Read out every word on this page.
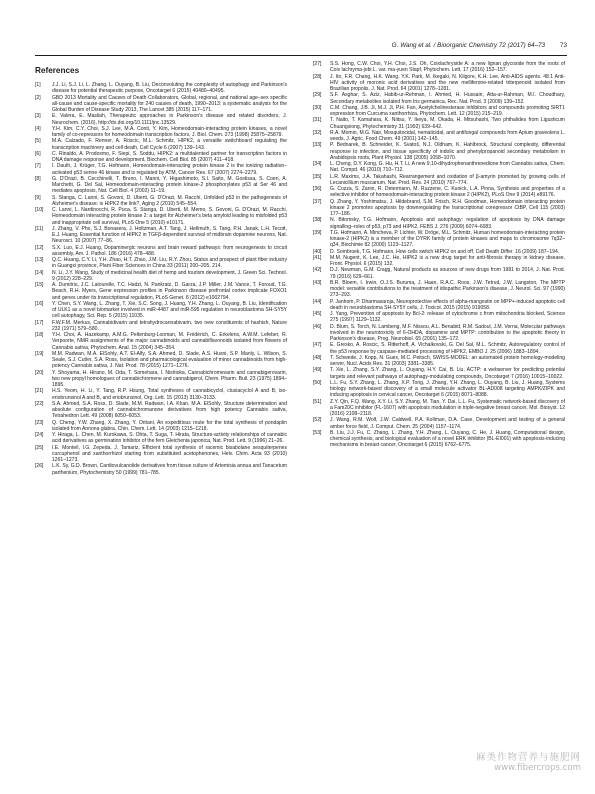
G. Wang et al. / Bioorganic Chemistry 72 (2017) 64–73 73
References
[1] J.J. Li, S.J. Li, L. Zhang, L. Ouyang, B. Liu, Deconvoluting the complexity of autophagy and Parkinson's disease for potential therapeutic purpose, Oncotarget 6 (2015) 40480–40495.
[2] GBD 2013 Mortality and Causes of Death Collaborators, Global, regional, and national age–sex specific all-cause and cause-specific mortality for 240 causes of death, 1990–2013: a systematic analysis for the Global Burden of Disease Study 2013, The Lancet 385 (2015) 117–171.
[3] E. Valera, E. Masliah, Therapeutic approaches in Parkinson's disease and related disorders, J. Neurochem. (2016), http://dx.doi.org/10.1111/jnc.13529.
[4] Y.H. Kim, C.Y. Choi, S.J. Lee, M.A. Conti, Y. Kim, Homeodomain-interacting protein kinases, a novel family of co-repressors for homeodomain transcription factors, J. Biol. Chem. 273 (1998) 25875–25879.
[5] M.A. Calzado, F. Renner, A. Roscic, M.L. Schmitz, HIPK2, a versatile switchboard regulating the transcription machinery and cell death, Cell Cycle 6 (2007) 139–143.
[6] C. Rinaldo, A. Prodosmo, F. Siepi, S. Soddu, HIPK2: a multitalented partner for transcription factors in DNA damage response and development, Biochem. Cell Biol. 85 (2007) 411–418.
[7] I. Dauth, J. Krüger, T.G. Hofmann, Homeodomain-interacting protein kinase 2 is the ionizing radiation–activated p53 serine 46 kinase and is regulated by ATM, Cancer Res. 67 (2007) 2274–2279.
[8] G. D'Orazi, B. Cecchinelli, T. Bruno, I. Manni, Y. Higashimoto, S.I. Saito, M. Gostissa, S. Coen, A. Marchetti, G. Del Sal, Homeodomain-interacting protein kinase-2 phosphorylates p53 at Ser 46 and mediates apoptosis, Nat. Cell Biol. 4 (2002) 11–19.
[9] S. Stanga, C. Lanni, S. Govoni, D. Uberti, G. D'Orazi, M. Racchi, Unfolded p53 in the pathogenesis of Alzheimer's disease: is HIPK2 the link?, Aging 2 (2010) 545–554.
[10] C. Lanni, L. Nardinocchi, R. Puca, S. Stanga, D. Uberti, M. Memo, S. Govoni, G. D'Orazi, M. Racchi, Homeodomain interacting protein kinase 2: a target for Alzheimer's beta amyloid leading to misfolded p53 and inappropriate cell survival, PLoS One 5 (2010) e10171.
[11] J. Zhang, V. Pho, S.J. Bonasera, J. Holtzman, A.T. Tang, J. Hellmuth, S. Tang, P.H. Janak, L.H. Tecott, E.J. Huang, Essential function of HIPK2 in TGFβ-dependent survival of midbrain dopamine neurons, Nat. Neurosci. 10 (2007) 77–86.
[12] S.X. Luo, E.J. Huang, Dopaminergic neurons and brain reward pathways: from neurogenesis to circuit assembly, Am. J. Pathol. 186 (2016) 478–488.
[13] Q.C. Huang, C.Y. Li, Y.H. Zhao, H.T. Zhao, J.M. Liu, R.Y. Zhou, Status and prospect of plant fiber industry in Guangxi province, Plant Fiber Sciences in China 33 (2011) 200–205, 214.
[14] N. Li, J.Y. Wang, Study of medicinal health diet of hemp and tourism development, J. Green Sci. Technol. 9 (2012) 228–229.
[15] A. Dumitriu, J.C. Latourelle, T.C. Hadzi, N. Pankratz, D. Garza, J.P. Miller, J.M. Vance, T. Foroud, T.G. Beach, R.H. Myers, Gene expression profiles in Parkinson disease prefrontal cortex implicate FOXO1 and genes under its transcriptional regulation, PLoS Genet. 8 (2012) e1002794.
[16] Y. Chen, S.Y. Wang, L. Zhang, T. Xie, S.C. Song, J. Huang, Y.H. Zhang, L. Ouyang, B. Liu, Identification of ULK1 as a novel biomarker involved in miR-4487 and miR-595 regulation in neuroblastoma SH-SY5Y cell autophagy, Sci. Rep. 5 (2015) 11035.
[17] F.W.F.M. Merkus, Cannabidivarin and tetrahydrocannabivarin, two new constituents of hashish, Nature 232 (1971) 579–580.
[18] Y.H. Choi, A. Hazekamp, A.M.G. Peltenburg-Looman, M. Frédérich, C. Erkelens, A.W.M. Lefeber, R. Verpoorte, NMR assignments of the major cannabinoids and cannabiflavonoids isolated from flowers of Cannabis sativa, Phytochem. Anal. 15 (2004) 345–354.
[19] M.M. Radwan, M.A. ElSohly, A.T. El-Alfy, S.A. Ahmed, D. Slade, A.S. Husni, S.P. Manly, L. Wilson, S. Seale, S.J. Cutler, S.A. Ross, Isolation and pharmacological evaluation of minor cannabinoids from high-potency Cannabis sativa, J. Nat. Prod. 78 (2015) 1271–1276.
[20] Y. Shoyama, H. Hirano, M. Oda, T. Somehara, I. Nishioka, Cannabichromevarin and cannabigerovarin, two new propyl homologues of cannabichromene and cannabigerol, Chem. Pharm. Bull. 23 (1975) 1894–1895.
[21] H.S. Yeom, H. Li, Y. Tang, R.P. Hsung, Total syntheses of cannabicyclol, clusiacyclol A and B, iso-eriobrunsinol A and B, and eriobrunsinol, Org. Lett. 15 (2013) 3130–3133.
[22] S.A. Ahmed, S.A. Ross, D. Slade, M.M. Radwan, I.A. Khan, M.A. ElSohly, Structure determination and absolute configuration of cannabichromanone derivatives from high potency Cannabis sativa, Tetrahedron Lett. 49 (2008) 6050–6053.
[23] Q. Cheng, Y.W. Zhang, X. Zhang, Y. Oritani, An expeditious route for the total synthesis of pondaplin isolated from Annona glabra, Chin. Chem. Lett. 14 (2003) 1215–1218.
[24] Y. Hiraga, L. Chen, M. Kurokawa, S. Ohta, T. Suga, T. Hirata, Structure-activity relationships of cannabic acid derivatives as germination inhibitor of the fern Gleichenia japonica, Nat. Prod. Lett. 9 (1996) 21–26.
[25] I.E. Monteil, I.G. Zepeda, J. Tamariz, Efficient total synthesis of racemic bisabolane sesquiterpenes curcuphenol and xanthorrhizol starting from substituted acetophenones, Helv. Chim. Acta 93 (2010) 1261–1273.
[26] L.K. Sy, G.D. Brown, Cardiovulcanolide derivatives from tissue culture of Artemisia annua and Tanacetum parthenium, Phytochemistry 50 (1999) 781–785.
[27] S.S. Hong, C.W. Choi, Y.H. Choi, J.S. Oh, Coixlachryside A: a new lignan glycoside from the roots of Coix lachryma-jobi L. var. ma-yuen Stapf, Phytochem. Lett. 17 (2016) 152–157.
[28] J. Ito, F.R. Chang, H.K. Wang, Y.K. Park, M. Ikegaki, N. Kilgore, K.H. Lee, Anti-AIDS agents. 48.1 Anti-HIV activity of moronic acid derivatives and the new melliferone-related triterpenoid isolated from Brazilian propolis, J. Nat. Prod. 64 (2001) 1278–1281.
[29] S.F. Asghar, S. Aziz, Habib-ur-Rehman, I. Ahmed, H. Hussain, Atta-ur-Rahman, M.I. Choudhary, Secondary metabolites isolated from Iris germanica, Rec. Nat. Prod. 3 (2009) 139–152.
[30] C.M. Chang, J.B. Ji, M.J. Ji, P.H. Fan, Acetylcholinesterase inhibitors and compounds promoting SIRT1 expression from Curcuma xanthorrhiza, Phytochem. Lett. 12 (2015) 215–219.
[31] T. Naito, T. Kamahara, K. Niitsu, Y. Ikeya, M. Okada, H. Mitsuhashi, Two phthalides from Ligusticum Chuangxiong, Phytochemistry 31 (1992) 639–642.
[32] R.A. Momin, M.G. Nair, Mosquitocidal, nematicidal, and antifungal compounds from Apium graveolens L. seeds, J. Agric. Food Chem. 49 (2001) 142–145.
[33] P. Bednarek, B. Schneider, K. Svatoš, N.J. Oldham, K. Hahlbrock, Structural complexity, differential response to infection, and tissue specificity of indolic and phenylpropanoid secondary metabolism in Arabidopsis roots, Plant Physiol. 138 (2005) 1058–1070.
[34] L. Cheng, D.Y. Kong, G. Hu, H.T. Li, A new 9,10-dihydrophenanthrenedione from Cannabis sativa, Chem. Nat. Compd. 46 (2010) 710–712.
[35] L.R. Maxims, J.A. Takahashi, Rearrangement and oxidation of β-amyrin promoted by growing cells of Lecanicillium muscarium, Nat. Prod. Res. 24 (2010) 767–774.
[36] G. Cozza, S. Zanin, R. Determann, M. Ruzzene, C. Kunick, L.A. Pinna, Synthesis and properties of a selective inhibitor of homeodomain-interacting protein kinase 2 (HIPK2), PLoS One 9 (2014) e89176.
[37] Q. Zhang, Y. Yoshimatsu, J. Hildebrand, S.M. Frisch, R.H. Goodman, Homeodomain interacting protein kinase 2 promotes apoptosis by downregulating the transcriptional corepressor CtBP, Cell 115 (2003) 177–186.
[38] N. Bitomsky, T.G. Hofmann, Apoptosis and autophagy: regulation of apoptosis by DNA damage signalling–roles of p53, p73 and HIPK2, FEBS J. 276 (2009) 6074–6083.
[39] T.G. Hofmann, A. Mincheva, P. Lichter, W. Dröge, M.L. Schmitz, Human homeodomain-interacting protein kinase-2 (HIPK2) is a member of the DYRK family of protein kinases and maps to chromosome 7q32–q34, Biochimie 82 (2000) 1123–1127.
[40] D. Sombroek, T.G. Hofmann, How cells switch HIPK2 on and off, Cell Death Differ. 16 (2009) 187–194.
[41] M.M. Nugent, K. Lee, J.C. He, HIPK2 is a new drug target for anti-fibrosis therapy in kidney disease, Front. Physiol. 6 (2015) 132.
[42] D.J. Newman, G.M. Cragg, Natural products as sources of new drugs from 1981 to 2014, J. Nat. Prod. 79 (2016) 629–661.
[43] B.R. Bloem, I. Irwin, O.J.S. Buruma, J. Haan, R.A.C. Roos, J.W. Tetrud, J.W. Langston, The MPTP model: versatile contributions to the treatment of idiopathic Parkinson's disease, J. Neurol. Sci. 97 (1990) 273–293.
[44] P. Janhom, P. Dharmasaroja, Neuroprotective effects of alpha-mangostin on MPP+-induced apoptotic cell death in neuroblastoma SH-SY5Y cells, J. Toxicol. 2015 (2015) 919058.
[45] J. Yang, Prevention of apoptosis by Bcl-2: release of cytochrome c from mitochondria blocked, Science 275 (1997) 1129–1132.
[46] D. Blum, S. Torch, N. Lambeng, M.F. Nissou, A.L. Benabid, R.M. Sadoul, J.M. Verna, Molecular pathways involved in the neurotoxicity of 6-OHDA, dopamine and MPTP: contribution to the apoptotic theory in Parkinson's disease, Prog. Neurobiol. 65 (2001) 135–172.
[47] E. Gresko, A. Roscic, S. Ritterhoff, A. Vichalkovski, G. Del Sal, M.L. Schmitz, Autoregulatory control of the p53 response by caspase-mediated processing of HIPK2, EMBO J. 25 (2006) 1883–1894.
[48] T. Schwede, J. Kopp, N. Guex, M.C. Peitsch, SWISS-MODEL: an automated protein homology-modeling server, Nucl. Acids Res. 31 (2003) 3381–3385.
[49] T. Xie, L. Zhang, S.Y. Zhang, L. Ouyang, H.Y. Cai, B. Liu, ACTP: a webserver for predicting potential targets and relevant pathways of autophagy-modulating compounds, Oncotarget 7 (2016) 10015–10022.
[50] L.L. Fu, S.Y. Zhang, L. Zhang, X.P. Tong, J. Zhang, Y.H. Zhang, L. Ouyang, B. Liu, J. Huang, Systems biology network-based discovery of a small molecule activator BL-AD008 targeting AMPK/ZIPK and inducing apoptosis in cervical cancer, Oncotarget 6 (2015) 8071–8088.
[51] Z.Y. Qin, F.Q. Wang, X.Y. Li, S.Y. Zhang, M. Tian, Y. Dai, L.L. Fu, Systematic network-based discovery of a Fam20C inhibitor (FL-1607) with apoptosis modulation in triple-negative breast cancer, Mol. Biosyst. 12 (2016) 2108–2118.
[52] J. Wang, R.M. Wolf, J.W. Caldwell, P.A. Kollman, D.A. Case, Development and testing of a general amber force field, J. Comput. Chem. 25 (2004) 1157–1174.
[53] B. Liu, J.J. Fu, C. Zhang, L. Zhang, Y.H. Zhang, L. Ouyang, C. He, J. Huang, Computational design, chemical synthesis, and biological evaluation of a novel ERK inhibitor (BL-EI001) with apoptosis-inducing mechanisms in breast cancer, Oncotarget 6 (2015) 6762–6775.
麻类作物营养与施肥网
www.fibercrops.com
